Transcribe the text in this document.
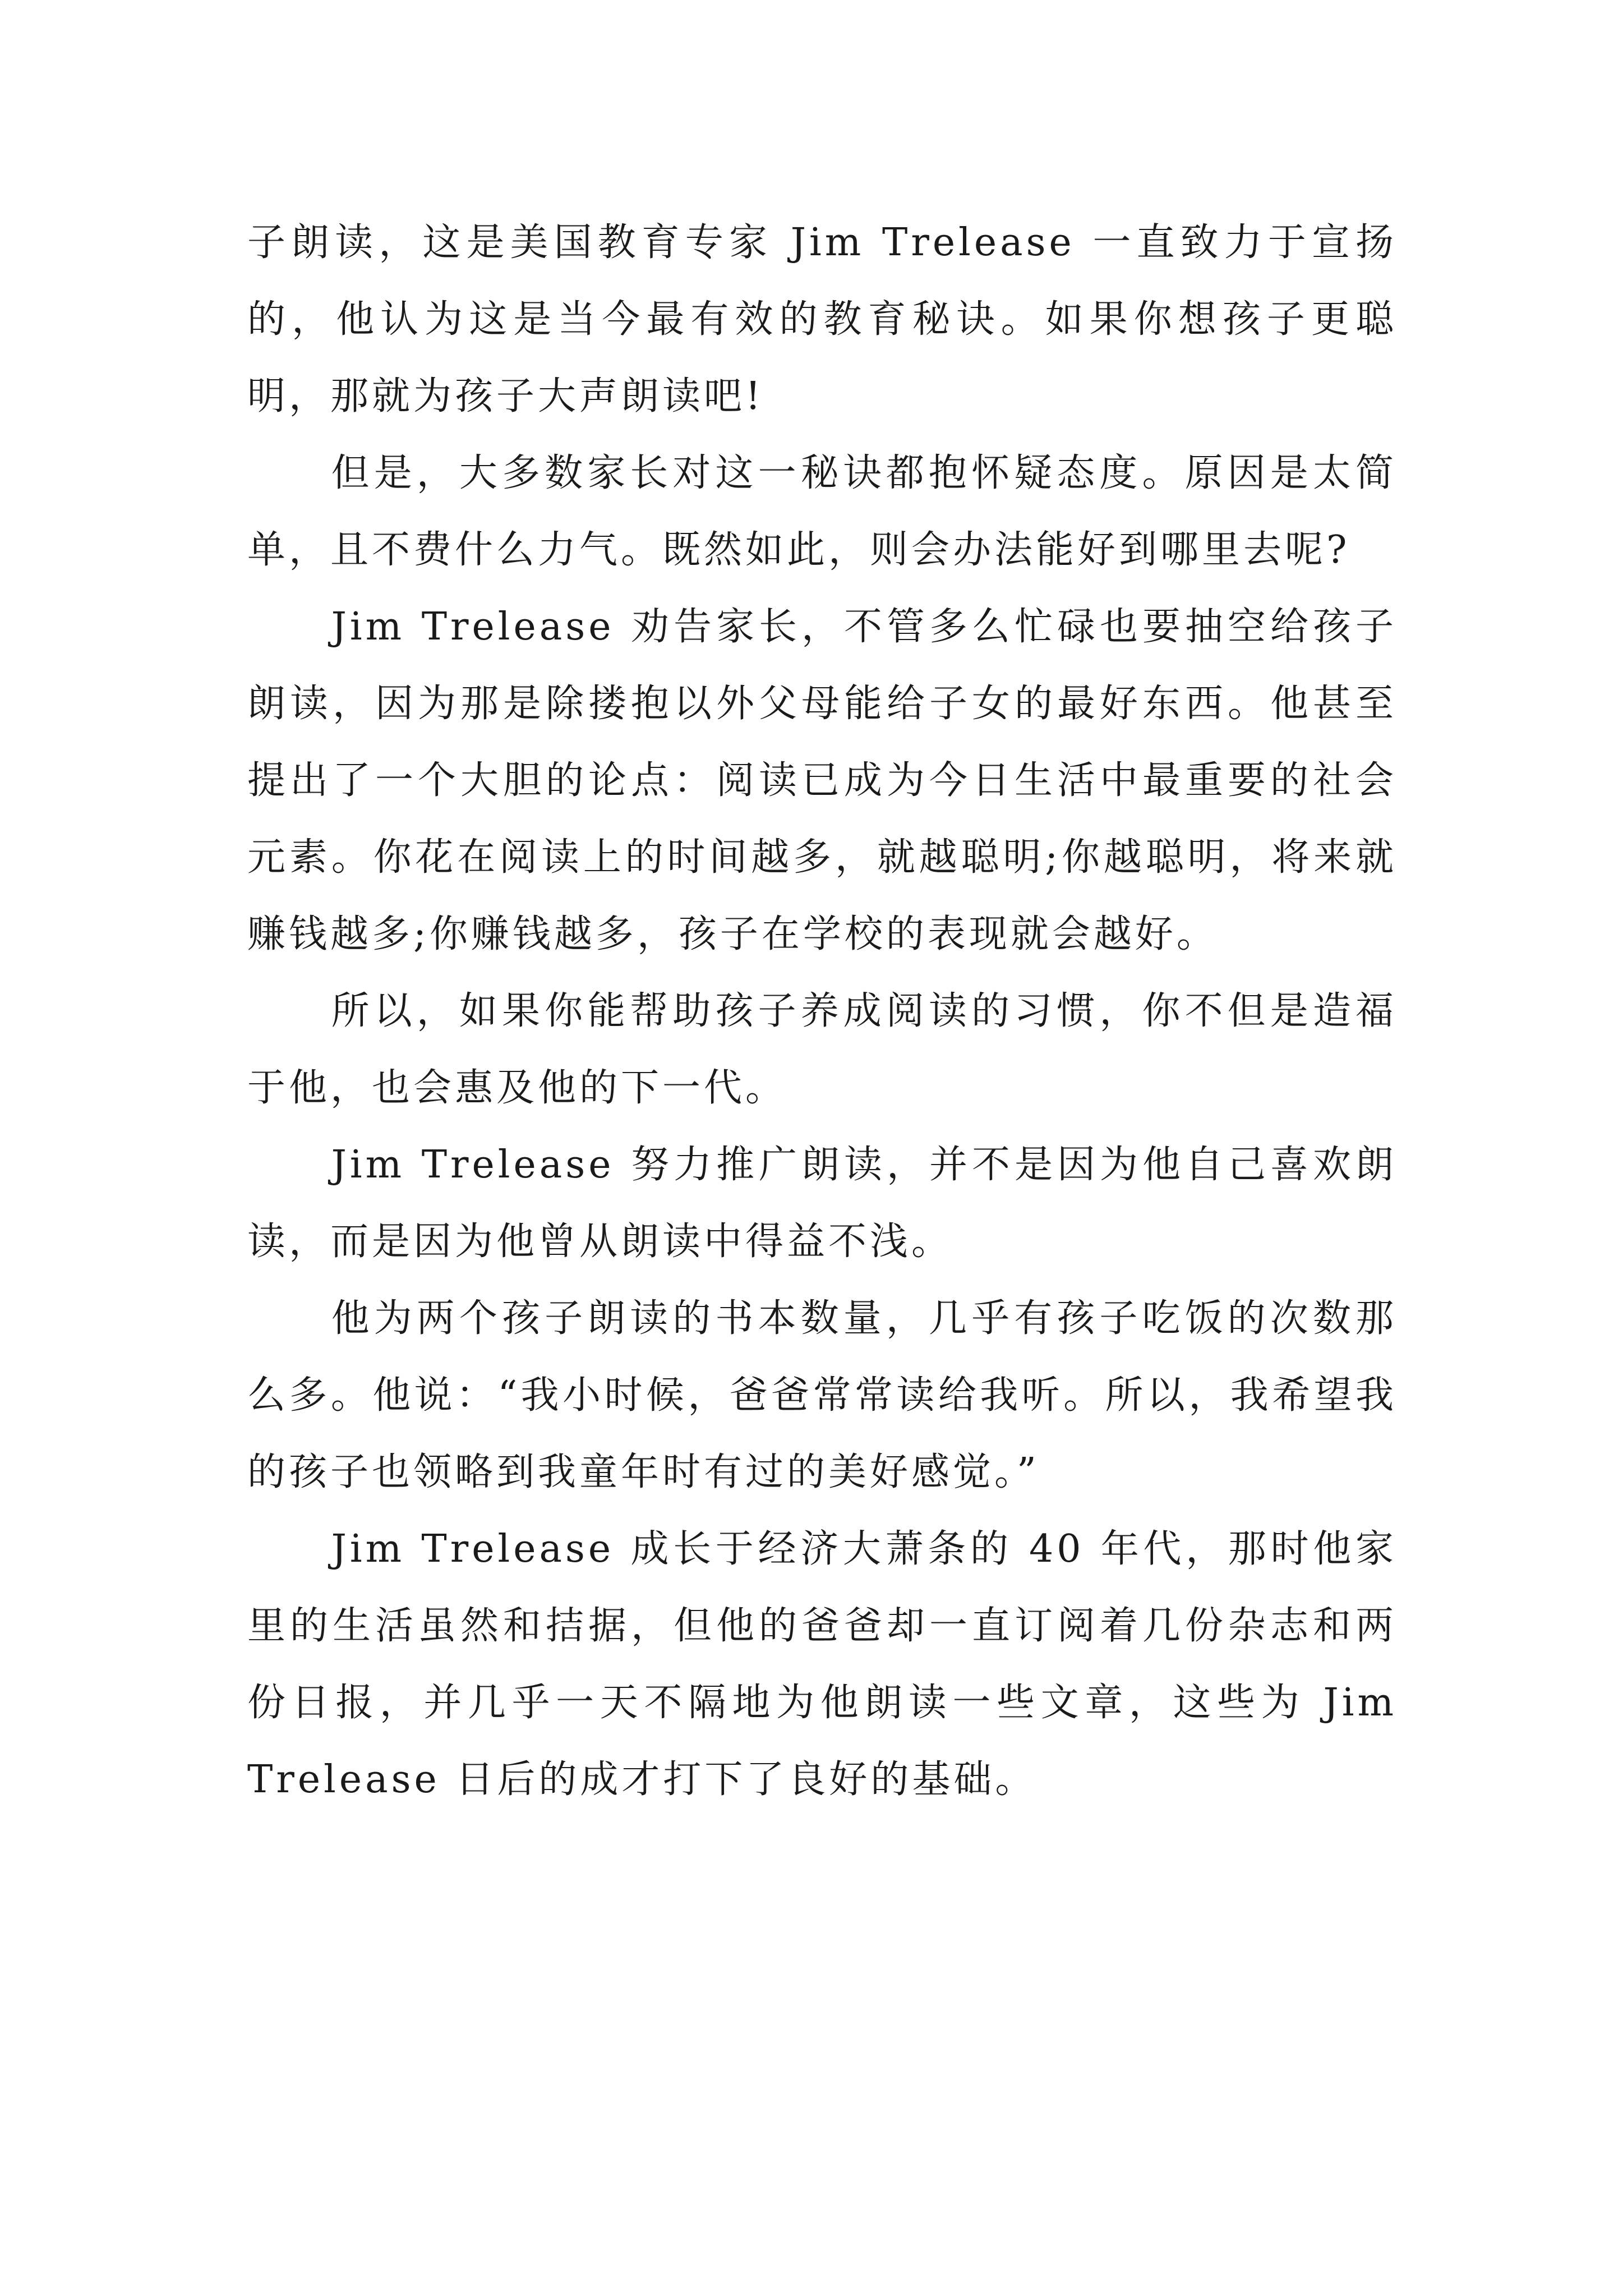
子朗读，这是美国教育专家 Jim Trelease 一直致力于宣扬的，他认为这是当今最有效的教育秘诀。如果你想孩子更聪明，那就为孩子大声朗读吧!

但是，大多数家长对这一秘诀都抱怀疑态度。原因是太简单，且不费什么力气。既然如此，则会办法能好到哪里去呢?

Jim Trelease 劝告家长，不管多么忙碌也要抽空给孩子朗读，因为那是除搂抱以外父母能给子女的最好东西。他甚至提出了一个大胆的论点：阅读已成为今日生活中最重要的社会元素。你花在阅读上的时间越多，就越聪明;你越聪明，将来就赚钱越多;你赚钱越多，孩子在学校的表现就会越好。

所以，如果你能帮助孩子养成阅读的习惯，你不但是造福于他，也会惠及他的下一代。

Jim Trelease 努力推广朗读，并不是因为他自己喜欢朗读，而是因为他曾从朗读中得益不浅。

他为两个孩子朗读的书本数量，几乎有孩子吃饭的次数那么多。他说：“我小时候，爸爸常常读给我听。所以，我希望我的孩子也领略到我童年时有过的美好感觉。”

Jim Trelease 成长于经济大萧条的 40 年代，那时他家里的生活虽然和拮据，但他的爸爸却一直订阅着几份杂志和两份日报，并几乎一天不隔地为他朗读一些文章，这些为 Jim Trelease 日后的成才打下了良好的基础。
